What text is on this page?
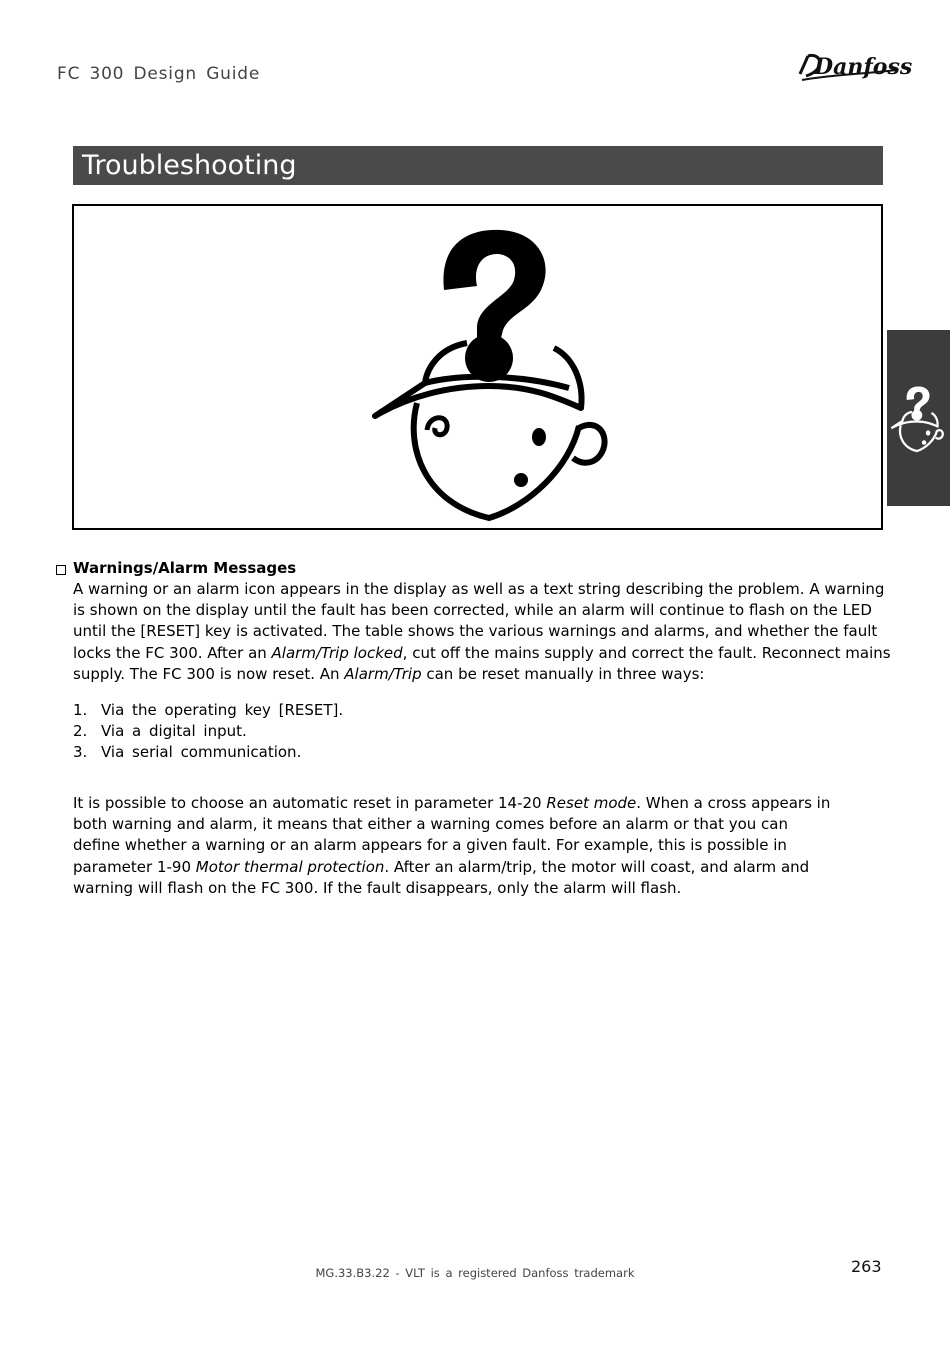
FC 300 Design Guide	Danfoss
Troubleshooting
Warnings/Alarm Messages

A warning or an alarm icon appears in the display as well as a text string describing the problem. A warning is shown on the display until the fault has been corrected, while an alarm will continue to flash on the LED until the [RESET] key is activated. The table shows the various warnings and alarms, and whether the fault locks the FC 300. After an Alarm/Trip locked, cut off the mains supply and correct the fault. Reconnect mains supply. The FC 300 is now reset. An Alarm/Trip can be reset manually in three ways:

1. Via the operating key [RESET].
2. Via a digital input.
3. Via serial communication.

It is possible to choose an automatic reset in parameter 14-20 Reset mode. When a cross appears in both warning and alarm, it means that either a warning comes before an alarm or that you can define whether a warning or an alarm appears for a given fault. For example, this is possible in parameter 1-90 Motor thermal protection. After an alarm/trip, the motor will coast, and alarm and warning will flash on the FC 300. If the fault disappears, only the alarm will flash.

MG.33.B3.22 - VLT is a registered Danfoss trademark	263
